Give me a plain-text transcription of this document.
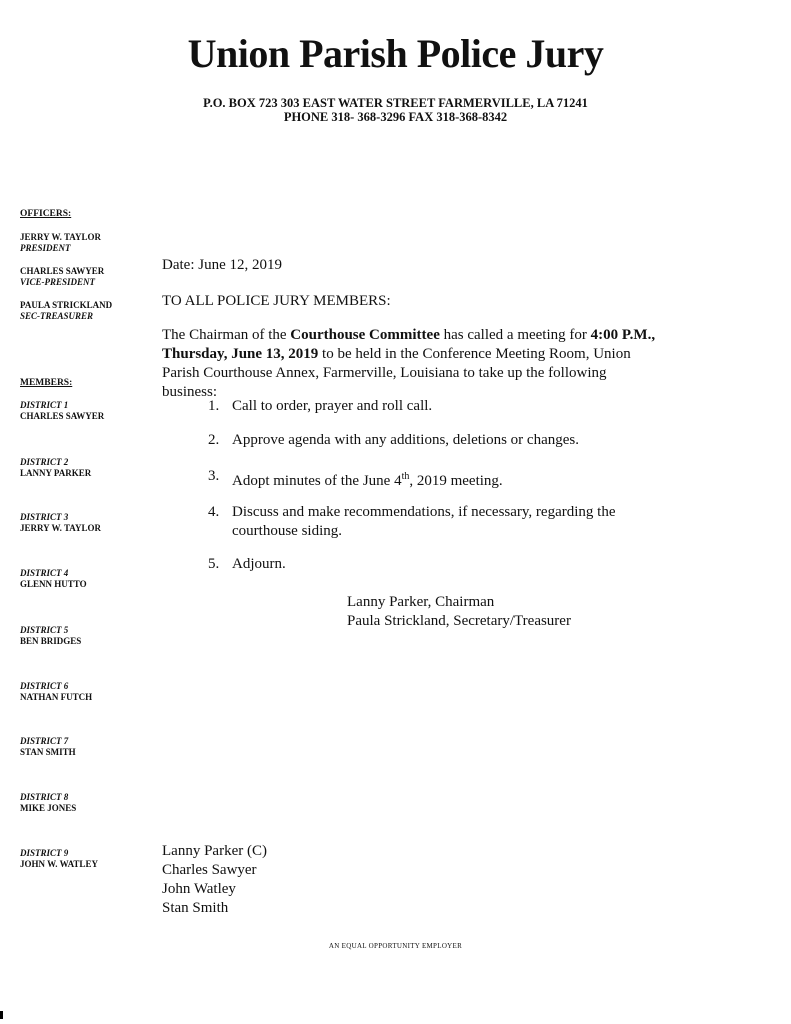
Union Parish Police Jury
P.O. BOX 723 303 EAST WATER STREET FARMERVILLE, LA 71241
PHONE 318- 368-3296 FAX 318-368-8342
OFFICERS:
JERRY W. TAYLOR
PRESIDENT
CHARLES SAWYER
VICE-PRESIDENT
PAULA STRICKLAND
SEC-TREASURER
MEMBERS:
DISTRICT 1
CHARLES SAWYER
DISTRICT 2
LANNY PARKER
DISTRICT 3
JERRY W. TAYLOR
DISTRICT 4
GLENN HUTTO
DISTRICT 5
BEN BRIDGES
DISTRICT 6
NATHAN FUTCH
DISTRICT 7
STAN SMITH
DISTRICT 8
MIKE JONES
DISTRICT 9
JOHN W. WATLEY
Date: June 12, 2019
TO ALL POLICE JURY MEMBERS:
The Chairman of the Courthouse Committee has called a meeting for 4:00 P.M., Thursday, June 13, 2019 to be held in the Conference Meeting Room, Union Parish Courthouse Annex, Farmerville, Louisiana to take up the following business:
1. Call to order, prayer and roll call.
2. Approve agenda with any additions, deletions or changes.
3. Adopt minutes of the June 4th, 2019 meeting.
4. Discuss and make recommendations, if necessary, regarding the courthouse siding.
5. Adjourn.
Lanny Parker, Chairman
Paula Strickland, Secretary/Treasurer
Lanny Parker (C)
Charles Sawyer
John Watley
Stan Smith
AN EQUAL OPPORTUNITY EMPLOYER
